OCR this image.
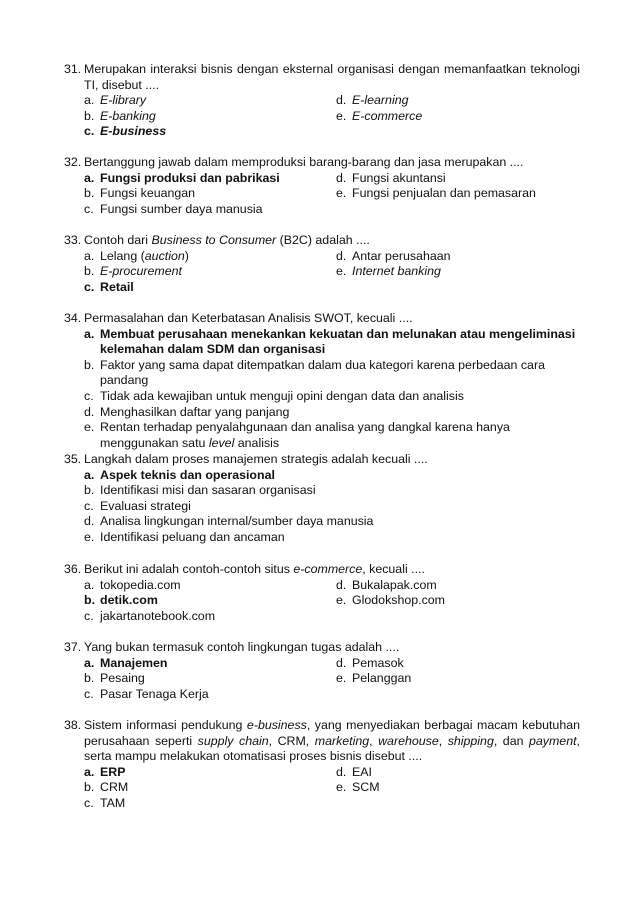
31. Merupakan interaksi bisnis dengan eksternal organisasi dengan memanfaatkan teknologi TI, disebut ....
a. E-library	d. E-learning
b. E-banking	e. E-commerce
c. E-business

32. Bertanggung jawab dalam memproduksi barang-barang dan jasa merupakan ....
a. Fungsi produksi dan pabrikasi	d. Fungsi akuntansi
b. Fungsi keuangan	e. Fungsi penjualan dan pemasaran
c. Fungsi sumber daya manusia

33. Contoh dari Business to Consumer (B2C) adalah ....
a. Lelang (auction)	d. Antar perusahaan
b. E-procurement	e. Internet banking
c. Retail

34. Permasalahan dan Keterbatasan Analisis SWOT, kecuali ....
a. Membuat perusahaan menekankan kekuatan dan melunakan atau mengeliminasi kelemahan dalam SDM dan organisasi
b. Faktor yang sama dapat ditempatkan dalam dua kategori karena perbedaan cara pandang
c. Tidak ada kewajiban untuk menguji opini dengan data dan analisis
d. Menghasilkan daftar yang panjang
e. Rentan terhadap penyalahgunaan dan analisa yang dangkal karena hanya menggunakan satu level analisis
35. Langkah dalam proses manajemen strategis adalah kecuali ....
a. Aspek teknis dan operasional
b. Identifikasi misi dan sasaran organisasi
c. Evaluasi strategi
d. Analisa lingkungan internal/sumber daya manusia
e. Identifikasi peluang dan ancaman
36. Berikut ini adalah contoh-contoh situs e-commerce, kecuali ....
a. tokopedia.com	d. Bukalapak.com
b. detik.com	e. Glodokshop.com
c. jakartanotebook.com

37. Yang bukan termasuk contoh lingkungan tugas adalah ....
a. Manajemen	d. Pemasok
b. Pesaing	e. Pelanggan
c. Pasar Tenaga Kerja

38. Sistem informasi pendukung e-business, yang menyediakan berbagai macam kebutuhan perusahaan seperti supply chain, CRM, marketing, warehouse, shipping, dan payment, serta mampu melakukan otomatisasi proses bisnis disebut ....
a. ERP	d. EAI
b. CRM	e. SCM
c. TAM
